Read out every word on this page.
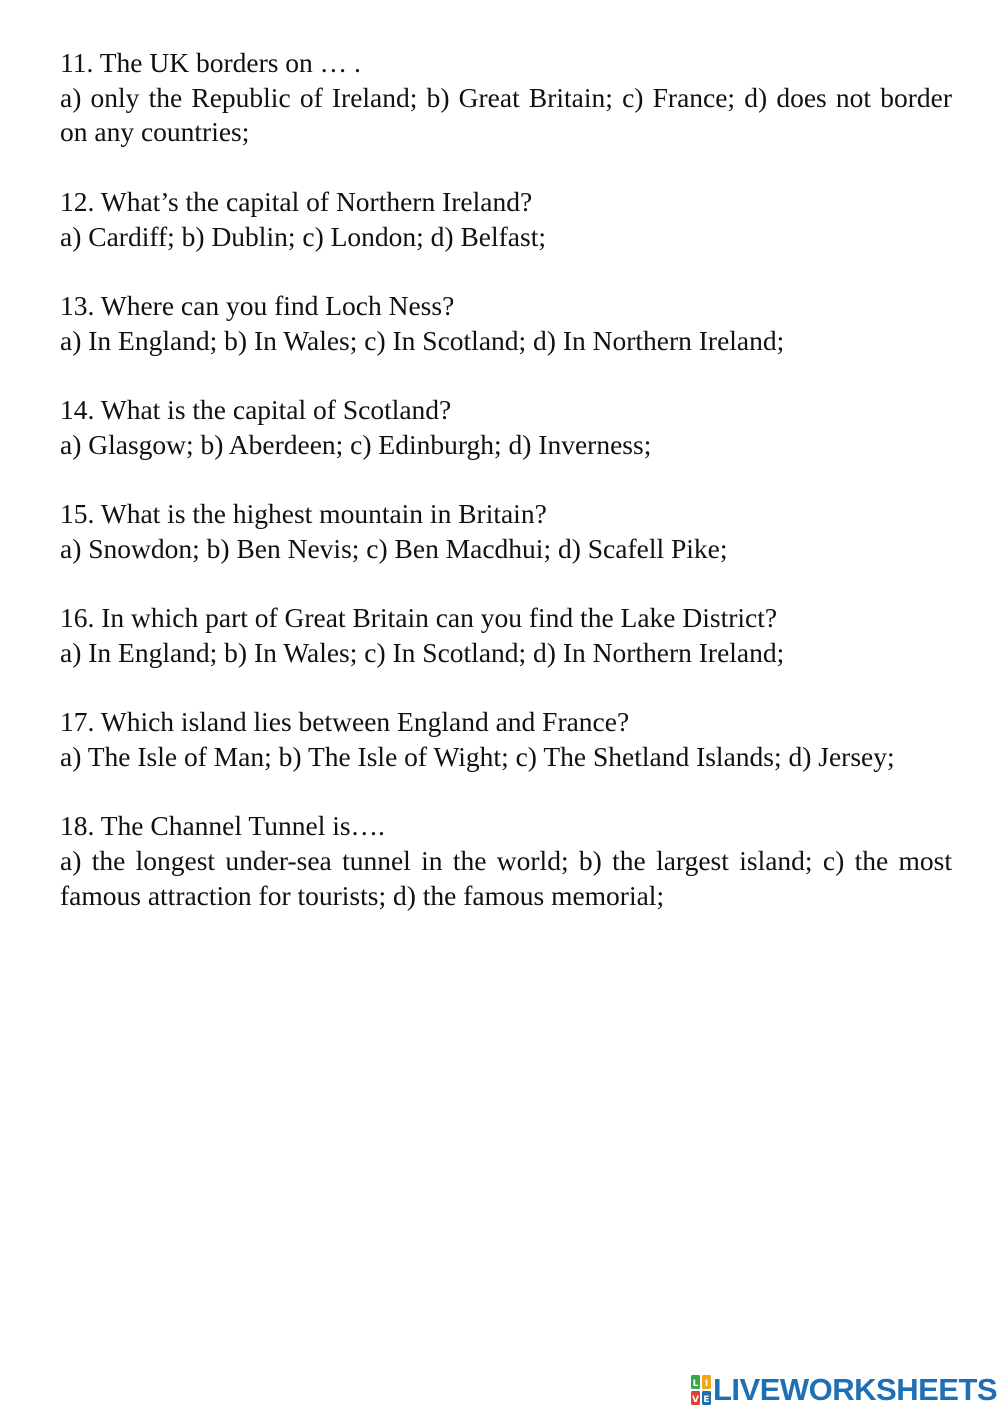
11. The UK borders on … .
a) only the Republic of Ireland; b) Great Britain; c) France; d) does not border on any countries;
12. What’s the capital of Northern Ireland?
a) Cardiff; b) Dublin; c) London; d) Belfast;
13. Where can you find Loch Ness?
a) In England; b) In Wales; c) In Scotland; d) In Northern Ireland;
14. What is the capital of Scotland?
a) Glasgow; b) Aberdeen; c) Edinburgh; d) Inverness;
15. What is the highest mountain in Britain?
a) Snowdon; b) Ben Nevis; c) Ben Macdhui; d) Scafell Pike;
16. In which part of Great Britain can you find the Lake District?
a) In England; b) In Wales; c) In Scotland; d) In Northern Ireland;
17. Which island lies between England and France?
a) The Isle of Man; b) The Isle of Wight; c) The Shetland Islands; d) Jersey;
18. The Channel Tunnel is….
a) the longest under-sea tunnel in the world; b) the largest island; c) the most famous attraction for tourists; d) the famous memorial;
L I
V E LIVEWORKSHEETS
